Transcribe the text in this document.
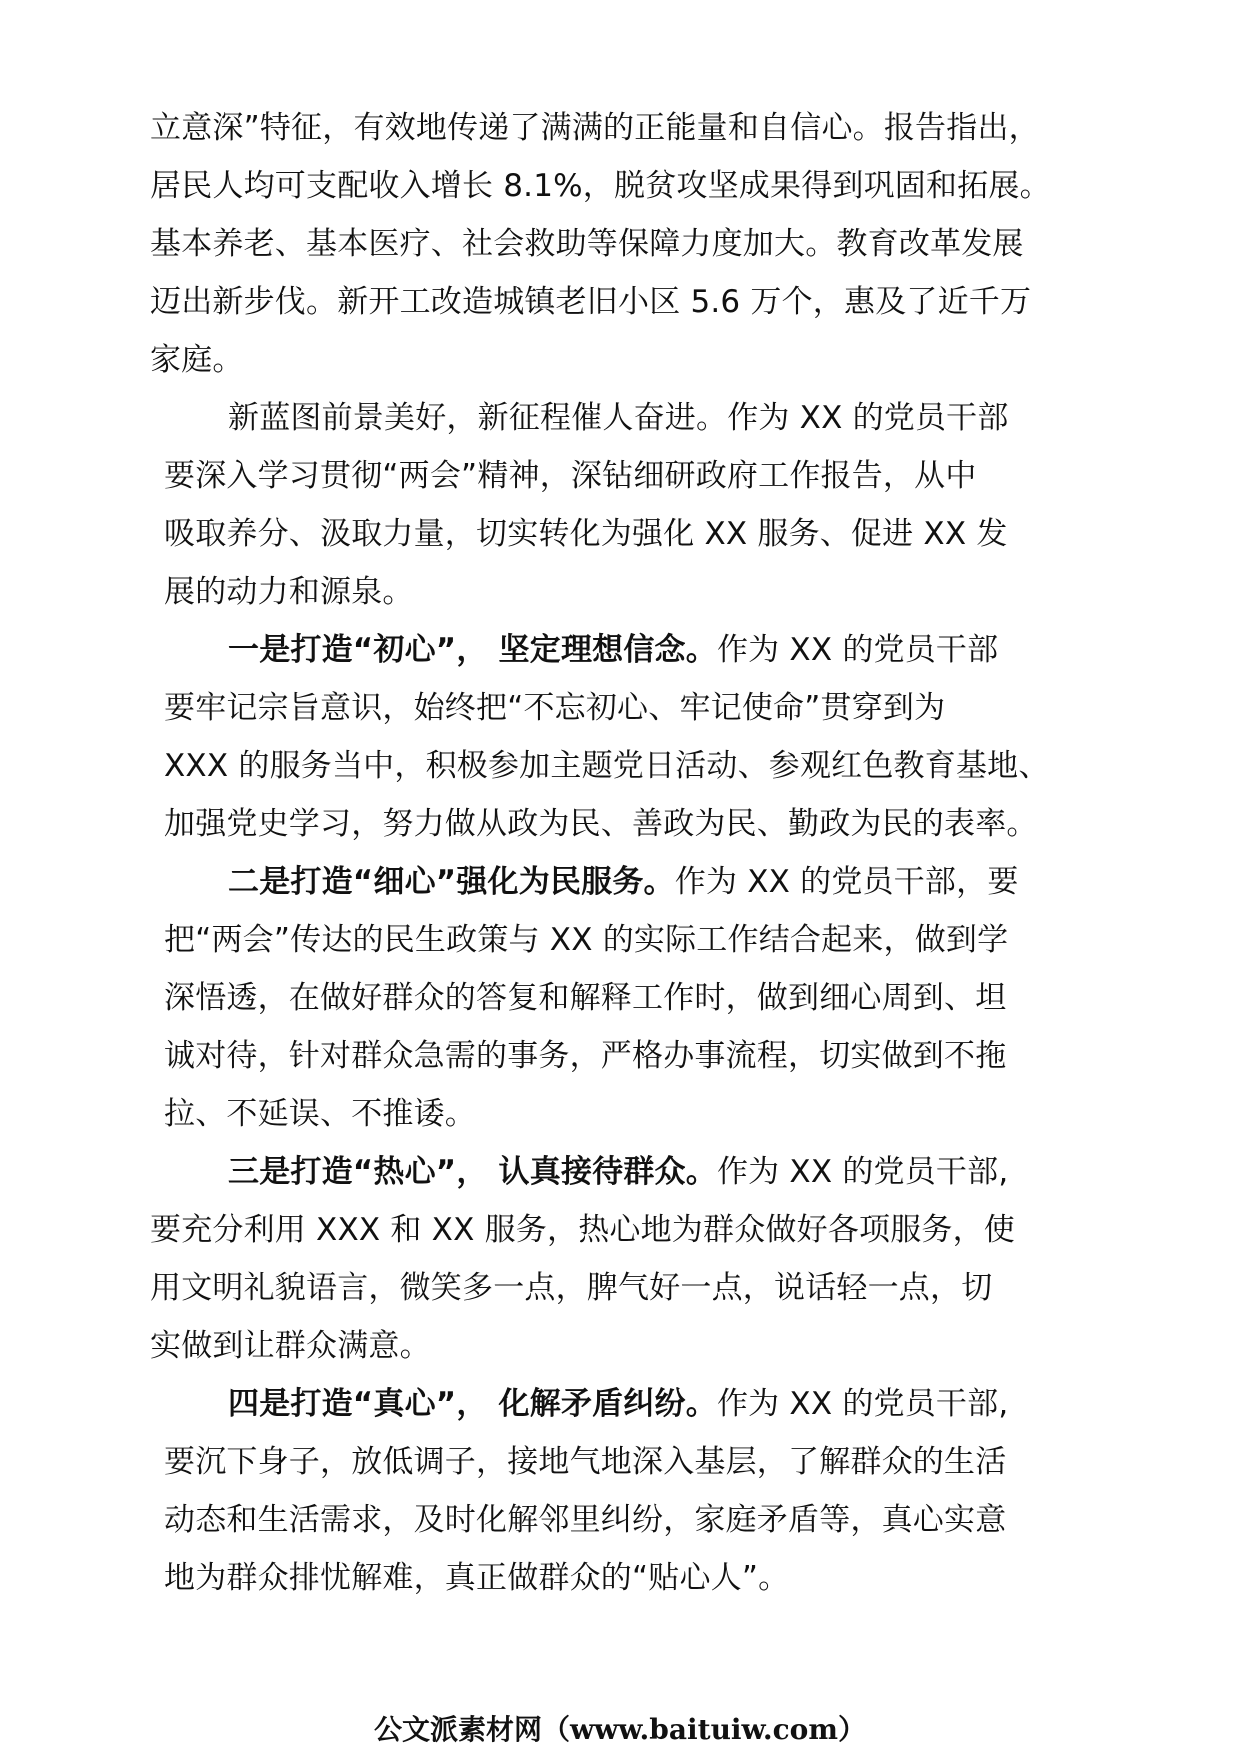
立意深”特征，有效地传递了满满的正能量和自信心。报告指出，
居民人均可支配收入增长 8.1%，脱贫攻坚成果得到巩固和拓展。
基本养老、基本医疗、社会救助等保障力度加大。教育改革发展
迈出新步伐。新开工改造城镇老旧小区 5.6 万个，惠及了近千万
家庭。
新蓝图前景美好，新征程催人奋进。作为 XX 的党员干部
要深入学习贯彻“两会”精神，深钻细研政府工作报告，从中
吸取养分、汲取力量，切实转化为强化 XX 服务、促进 XX 发
展的动力和源泉。
一是打造“初心”， 坚定理想信念。作为 XX 的党员干部
要牢记宗旨意识，始终把“不忘初心、牢记使命”贯穿到为
XXX 的服务当中，积极参加主题党日活动、参观红色教育基地、
加强党史学习，努力做从政为民、善政为民、勤政为民的表率。
二是打造“细心”强化为民服务。作为 XX 的党员干部，要
把“两会”传达的民生政策与 XX 的实际工作结合起来，做到学
深悟透，在做好群众的答复和解释工作时，做到细心周到、坦
诚对待，针对群众急需的事务，严格办事流程，切实做到不拖
拉、不延误、不推诿。
三是打造“热心”， 认真接待群众。作为 XX 的党员干部,
要充分利用 XXX 和 XX 服务，热心地为群众做好各项服务，使
用文明礼貌语言，微笑多一点，脾气好一点，说话轻一点，切
实做到让群众满意。
四是打造“真心”， 化解矛盾纠纷。作为 XX 的党员干部,
要沉下身子，放低调子，接地气地深入基层，了解群众的生活
动态和生活需求，及时化解邻里纠纷，家庭矛盾等，真心实意
地为群众排忧解难，真正做群众的“贴心人”。
公文派素材网（www.baituiw.com）
